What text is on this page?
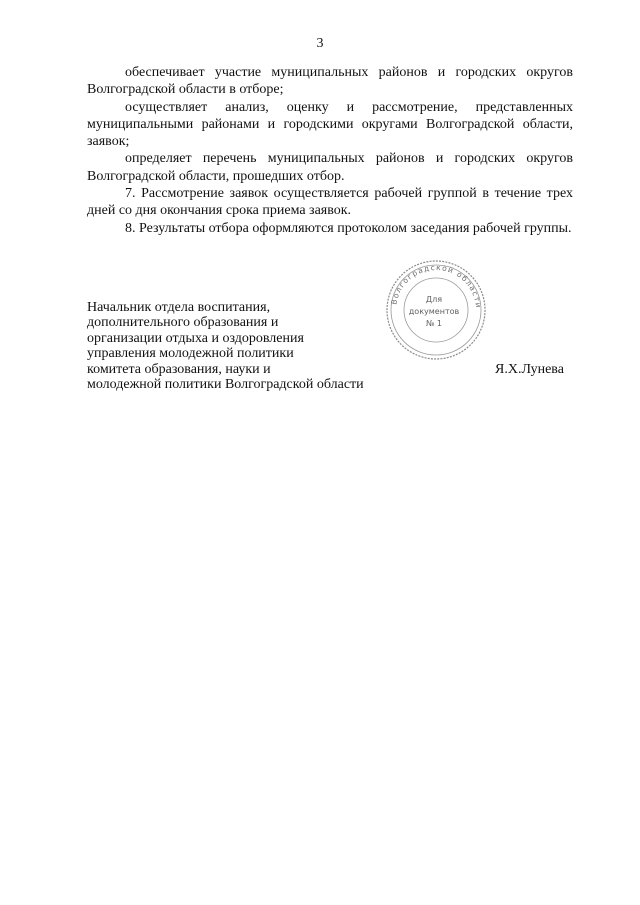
3

обеспечивает участие муниципальных районов и городских округов Волгоградской области в отборе;

осуществляет анализ, оценку и рассмотрение, представленных муниципальными районами и городскими округами Волгоградской области, заявок;

определяет перечень муниципальных районов и городских округов Волгоградской области, прошедших отбор.

7. Рассмотрение заявок осуществляется рабочей группой в течение трех дней со дня окончания срока приема заявок.

8. Результаты отбора оформляются протоколом заседания рабочей группы.

Начальник отдела воспитания,
дополнительного образования и
организации отдыха и оздоровления
управления молодежной политики
комитета образования, науки и
молодежной политики Волгоградской области
Я.Х.Лунева
Волгоградской области
Для
документов
№ 1
